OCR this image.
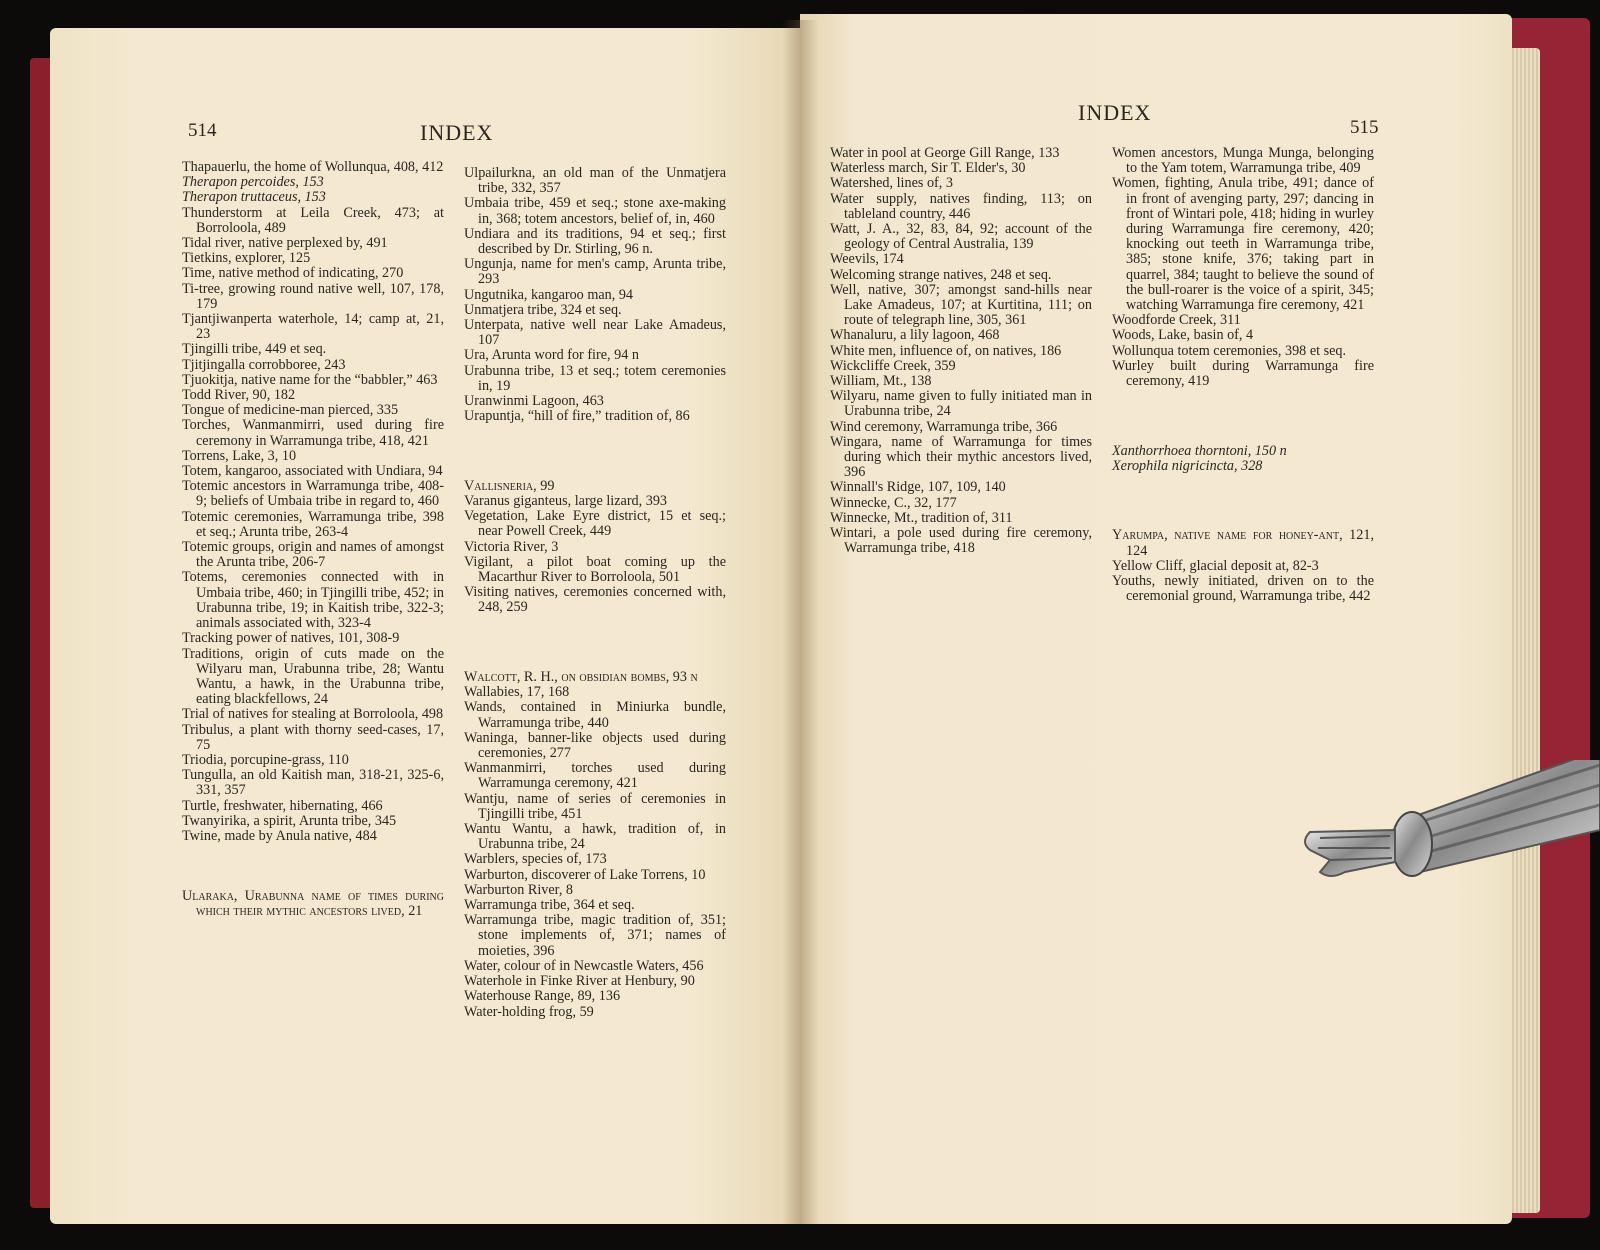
514	INDEX

Thapauerlu, the home of Wollunqua, 408, 412

Therapon percoides, 153

Therapon truttaceus, 153

Thunderstorm at Leila Creek, 473; at Borroloola, 489

Tidal river, native perplexed by, 491

Tietkins, explorer, 125

Time, native method of indicating, 270

Ti-tree, growing round native well, 107, 178, 179

Tjantjiwanperta waterhole, 14; camp at, 21, 23

Tjingilli tribe, 449 et seq.

Tjitjingalla corrobboree, 243

Tjuokitja, native name for the “babbler,” 463

Todd River, 90, 182

Tongue of medicine-man pierced, 335

Torches, Wanmanmirri, used during fire ceremony in Warramunga tribe, 418, 421

Torrens, Lake, 3, 10

Totem, kangaroo, associated with Undiara, 94

Totemic ancestors in Warramunga tribe, 408-9; beliefs of Umbaia tribe in regard to, 460

Totemic ceremonies, Warramunga tribe, 398 et seq.; Arunta tribe, 263-4

Totemic groups, origin and names of amongst the Arunta tribe, 206-7

Totems, ceremonies connected with in Umbaia tribe, 460; in Tjingilli tribe, 452; in Urabunna tribe, 19; in Kaitish tribe, 322-3; animals associated with, 323-4

Tracking power of natives, 101, 308-9

Traditions, origin of cuts made on the Wilyaru man, Urabunna tribe, 28; Wantu Wantu, a hawk, in the Urabunna tribe, eating blackfellows, 24

Trial of natives for stealing at Borroloola, 498

Tribulus, a plant with thorny seed-cases, 17, 75

Triodia, porcupine-grass, 110

Tungulla, an old Kaitish man, 318-21, 325-6, 331, 357

Turtle, freshwater, hibernating, 466

Twanyirika, a spirit, Arunta tribe, 345

Twine, made by Anula native, 484

Ularaka, Urabunna name of times during which their mythic ancestors lived, 21

Ulpailurkna, an old man of the Unmatjera tribe, 332, 357

Umbaia tribe, 459 et seq.; stone axe-making in, 368; totem ancestors, belief of, in, 460

Undiara and its traditions, 94 et seq.; first described by Dr. Stirling, 96 n.

Ungunja, name for men's camp, Arunta tribe, 293

Ungutnika, kangaroo man, 94

Unmatjera tribe, 324 et seq.

Unterpata, native well near Lake Amadeus, 107

Ura, Arunta word for fire, 94 n

Urabunna tribe, 13 et seq.; totem ceremonies in, 19

Uranwinmi Lagoon, 463

Urapuntja, “hill of fire,” tradition of, 86

Vallisneria, 99

Varanus giganteus, large lizard, 393

Vegetation, Lake Eyre district, 15 et seq.; near Powell Creek, 449

Victoria River, 3

Vigilant, a pilot boat coming up the Macarthur River to Borroloola, 501

Visiting natives, ceremonies concerned with, 248, 259

Walcott, R. H., on obsidian bombs, 93 n

Wallabies, 17, 168

Wands, contained in Miniurka bundle, Warramunga tribe, 440

Waninga, banner-like objects used during ceremonies, 277

Wanmanmirri, torches used during Warramunga ceremony, 421

Wantju, name of series of ceremonies in Tjingilli tribe, 451

Wantu Wantu, a hawk, tradition of, in Urabunna tribe, 24

Warblers, species of, 173

Warburton, discoverer of Lake Torrens, 10

Warburton River, 8

Warramunga tribe, 364 et seq.

Warramunga tribe, magic tradition of, 351; stone implements of, 371; names of moieties, 396

Water, colour of in Newcastle Waters, 456

Waterhole in Finke River at Henbury, 90

Waterhouse Range, 89, 136

Water-holding frog, 59

INDEX
515

Water in pool at George Gill Range, 133

Waterless march, Sir T. Elder's, 30

Watershed, lines of, 3

Water supply, natives finding, 113; on tableland country, 446

Watt, J. A., 32, 83, 84, 92; account of the geology of Central Australia, 139

Weevils, 174

Welcoming strange natives, 248 et seq.

Well, native, 307; amongst sand-hills near Lake Amadeus, 107; at Kurtitina, 111; on route of telegraph line, 305, 361

Whanaluru, a lily lagoon, 468

White men, influence of, on natives, 186

Wickcliffe Creek, 359

William, Mt., 138

Wilyaru, name given to fully initiated man in Urabunna tribe, 24

Wind ceremony, Warramunga tribe, 366

Wingara, name of Warramunga for times during which their mythic ancestors lived, 396

Winnall's Ridge, 107, 109, 140

Winnecke, C., 32, 177

Winnecke, Mt., tradition of, 311

Wintari, a pole used during fire ceremony, Warramunga tribe, 418

Women ancestors, Munga Munga, belonging to the Yam totem, Warramunga tribe, 409

Women, fighting, Anula tribe, 491; dance of in front of avenging party, 297; dancing in front of Wintari pole, 418; hiding in wurley during Warramunga fire ceremony, 420; knocking out teeth in Warramunga tribe, 385; stone knife, 376; taking part in quarrel, 384; taught to believe the sound of the bull-roarer is the voice of a spirit, 345; watching Warramunga fire ceremony, 421

Woodforde Creek, 311

Woods, Lake, basin of, 4

Wollunqua totem ceremonies, 398 et seq.

Wurley built during Warramunga fire ceremony, 419

Xanthorrhoea thorntoni, 150 n

Xerophila nigricincta, 328

Yarumpa, native name for honey-ant, 121, 124

Yellow Cliff, glacial deposit at, 82-3

Youths, newly initiated, driven on to the ceremonial ground, Warramunga tribe, 442
